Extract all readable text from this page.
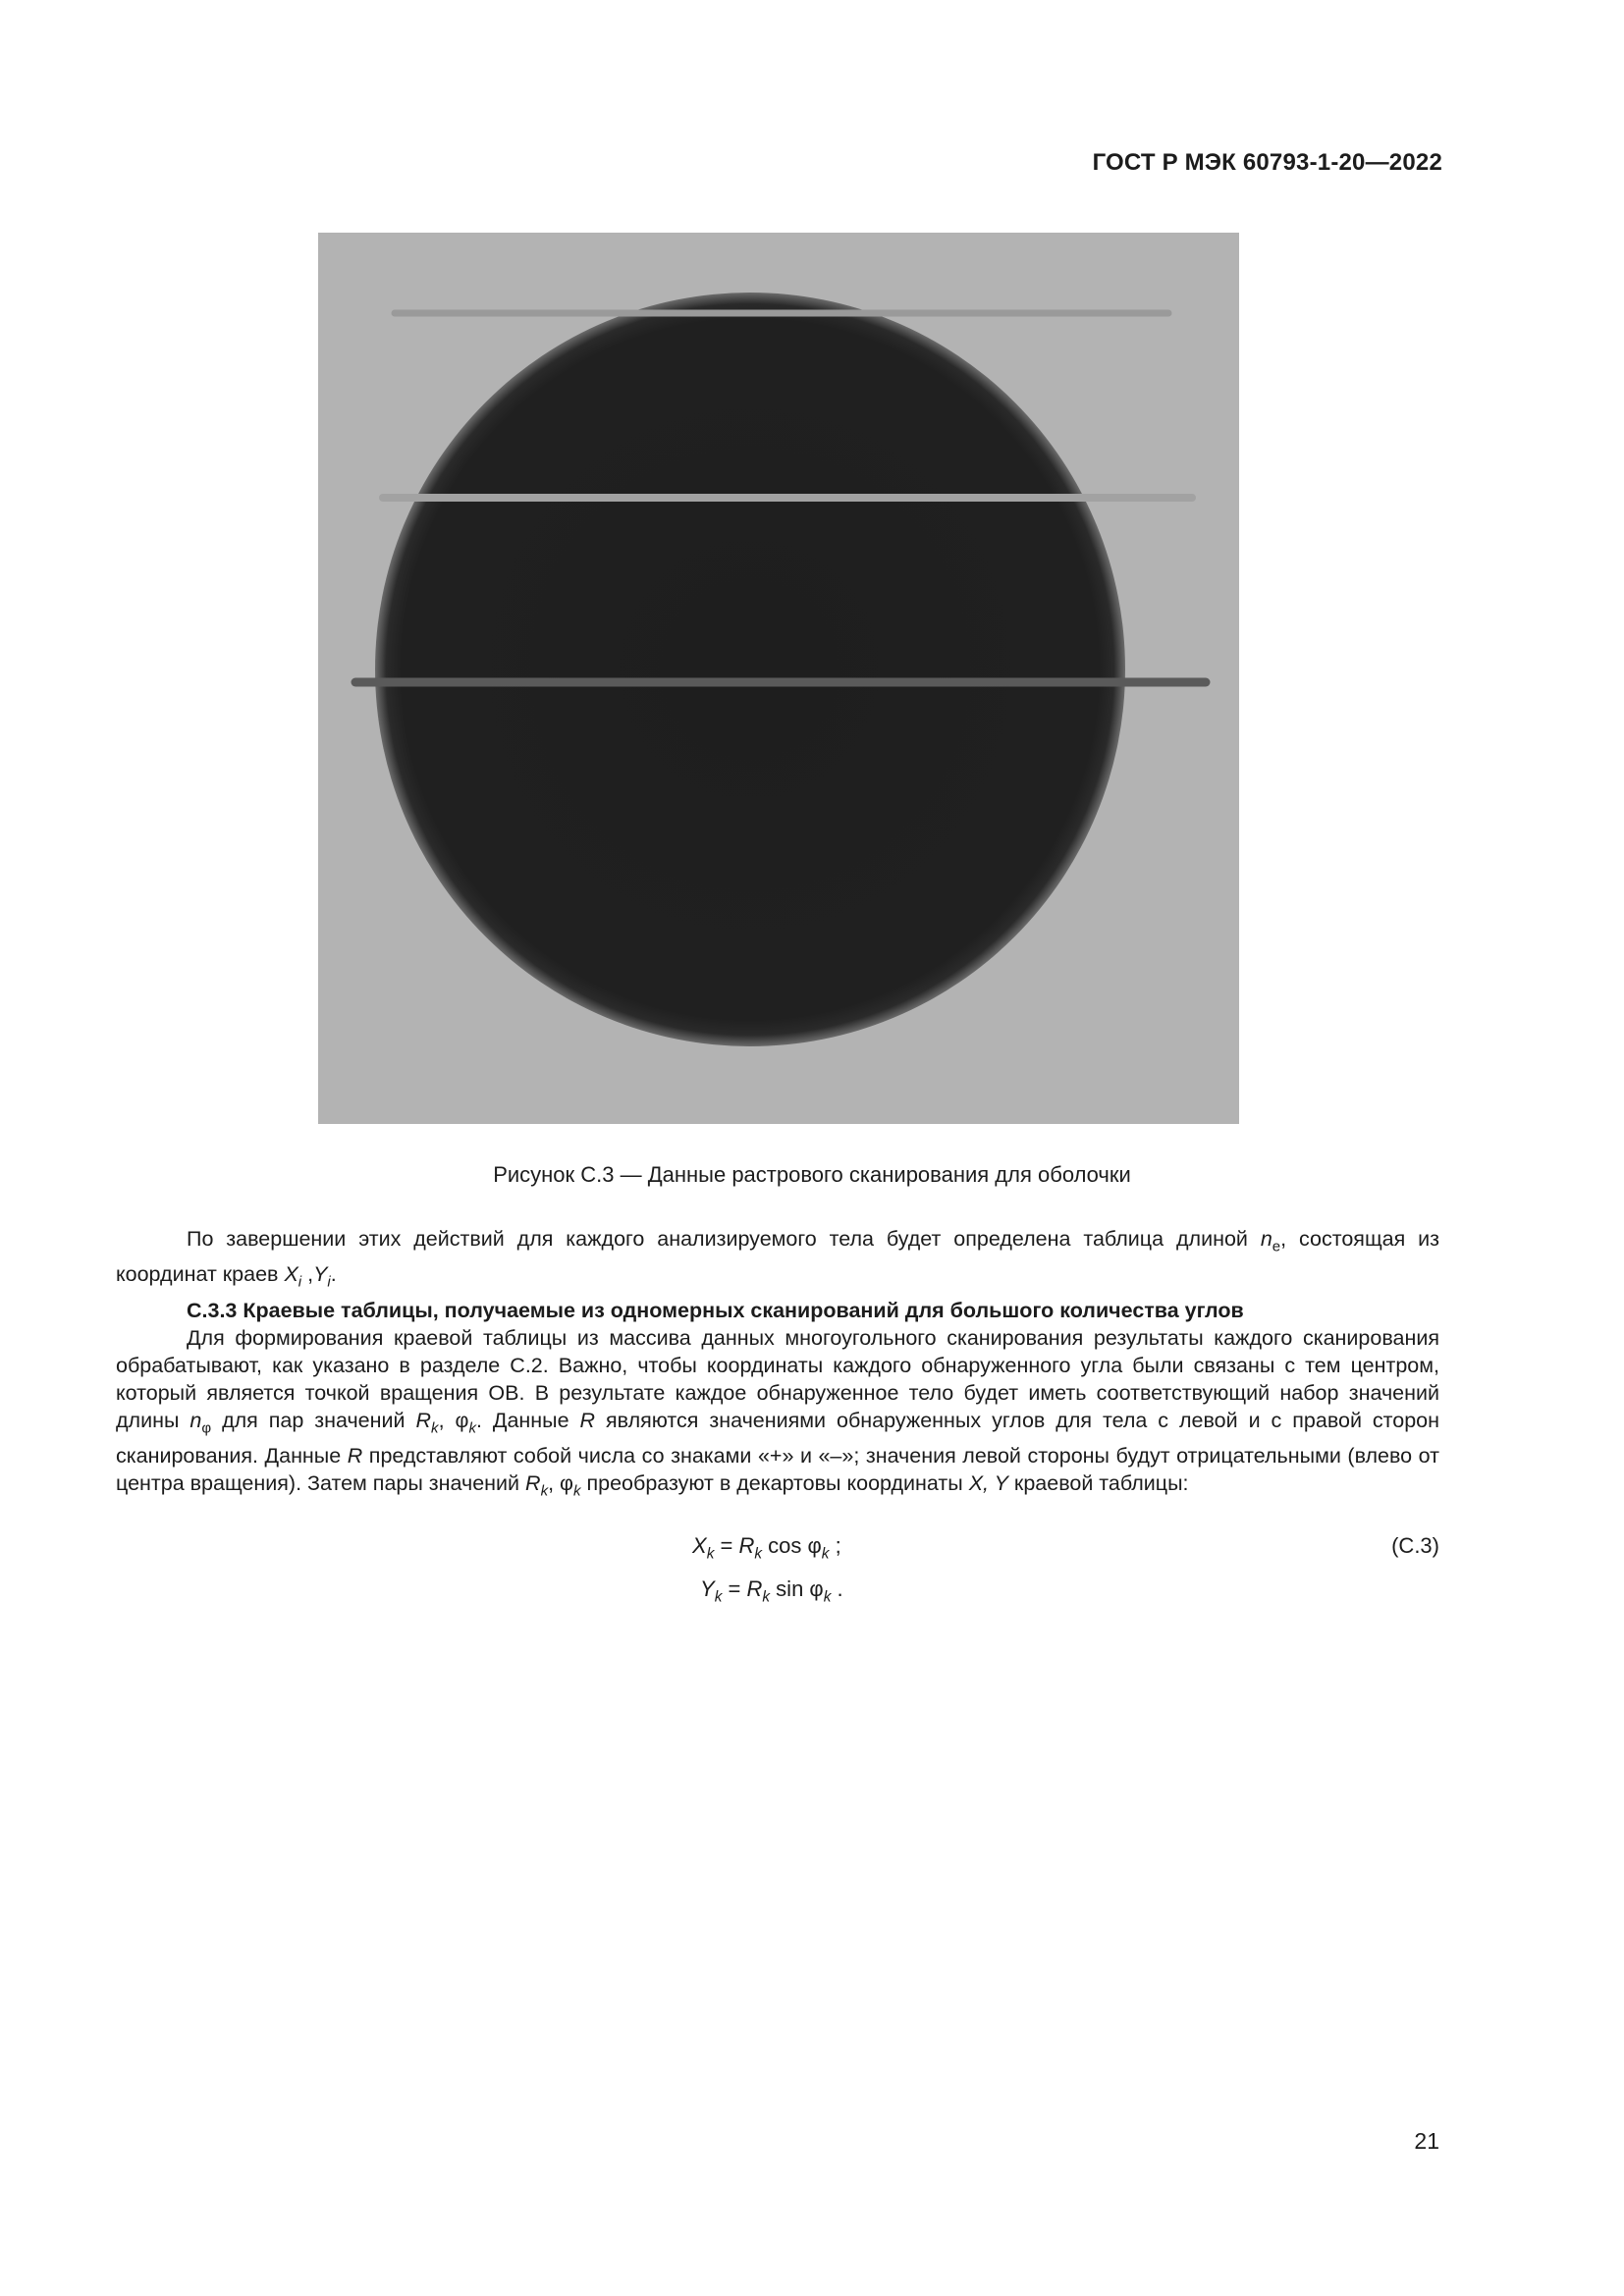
ГОСТ Р МЭК 60793-1-20—2022
Рисунок С.3 — Данные растрового сканирования для оболочки

По завершении этих действий для каждого анализируемого тела будет определена таблица длиной $n_e$, состоящая из координат краев $X_i$ $,Y_i$.

С.3.3 Краевые таблицы, получаемые из одномерных сканирований для большого количества углов

Для формирования краевой таблицы из массива данных многоугольного сканирования результаты каждого сканирования обрабатывают, как указано в разделе С.2. Важно, чтобы координаты каждого обнаруженного угла были связаны с тем центром, который является точкой вращения OB. В результате каждое обнаруженное тело будет иметь соответствующий набор значений длины $n_\varphi$ для пар значений $R_k$, $\varphi_k$. Данные R являются значениями обнаруженных углов для тела с левой и с правой сторон сканирования. Данные R представляют собой числа со знаками «+» и «–»; значения левой стороны будут отрицательными (влево от центра вращения). Затем пары значений $R_k$, $\varphi_k$ преобразуют в декартовы координаты X, Y краевой таблицы:

$X_k = R_k$ $\cos \varphi_k$ ;	(С.3)
$Y_k = R_k$ $\sin \varphi_k$ .
21
